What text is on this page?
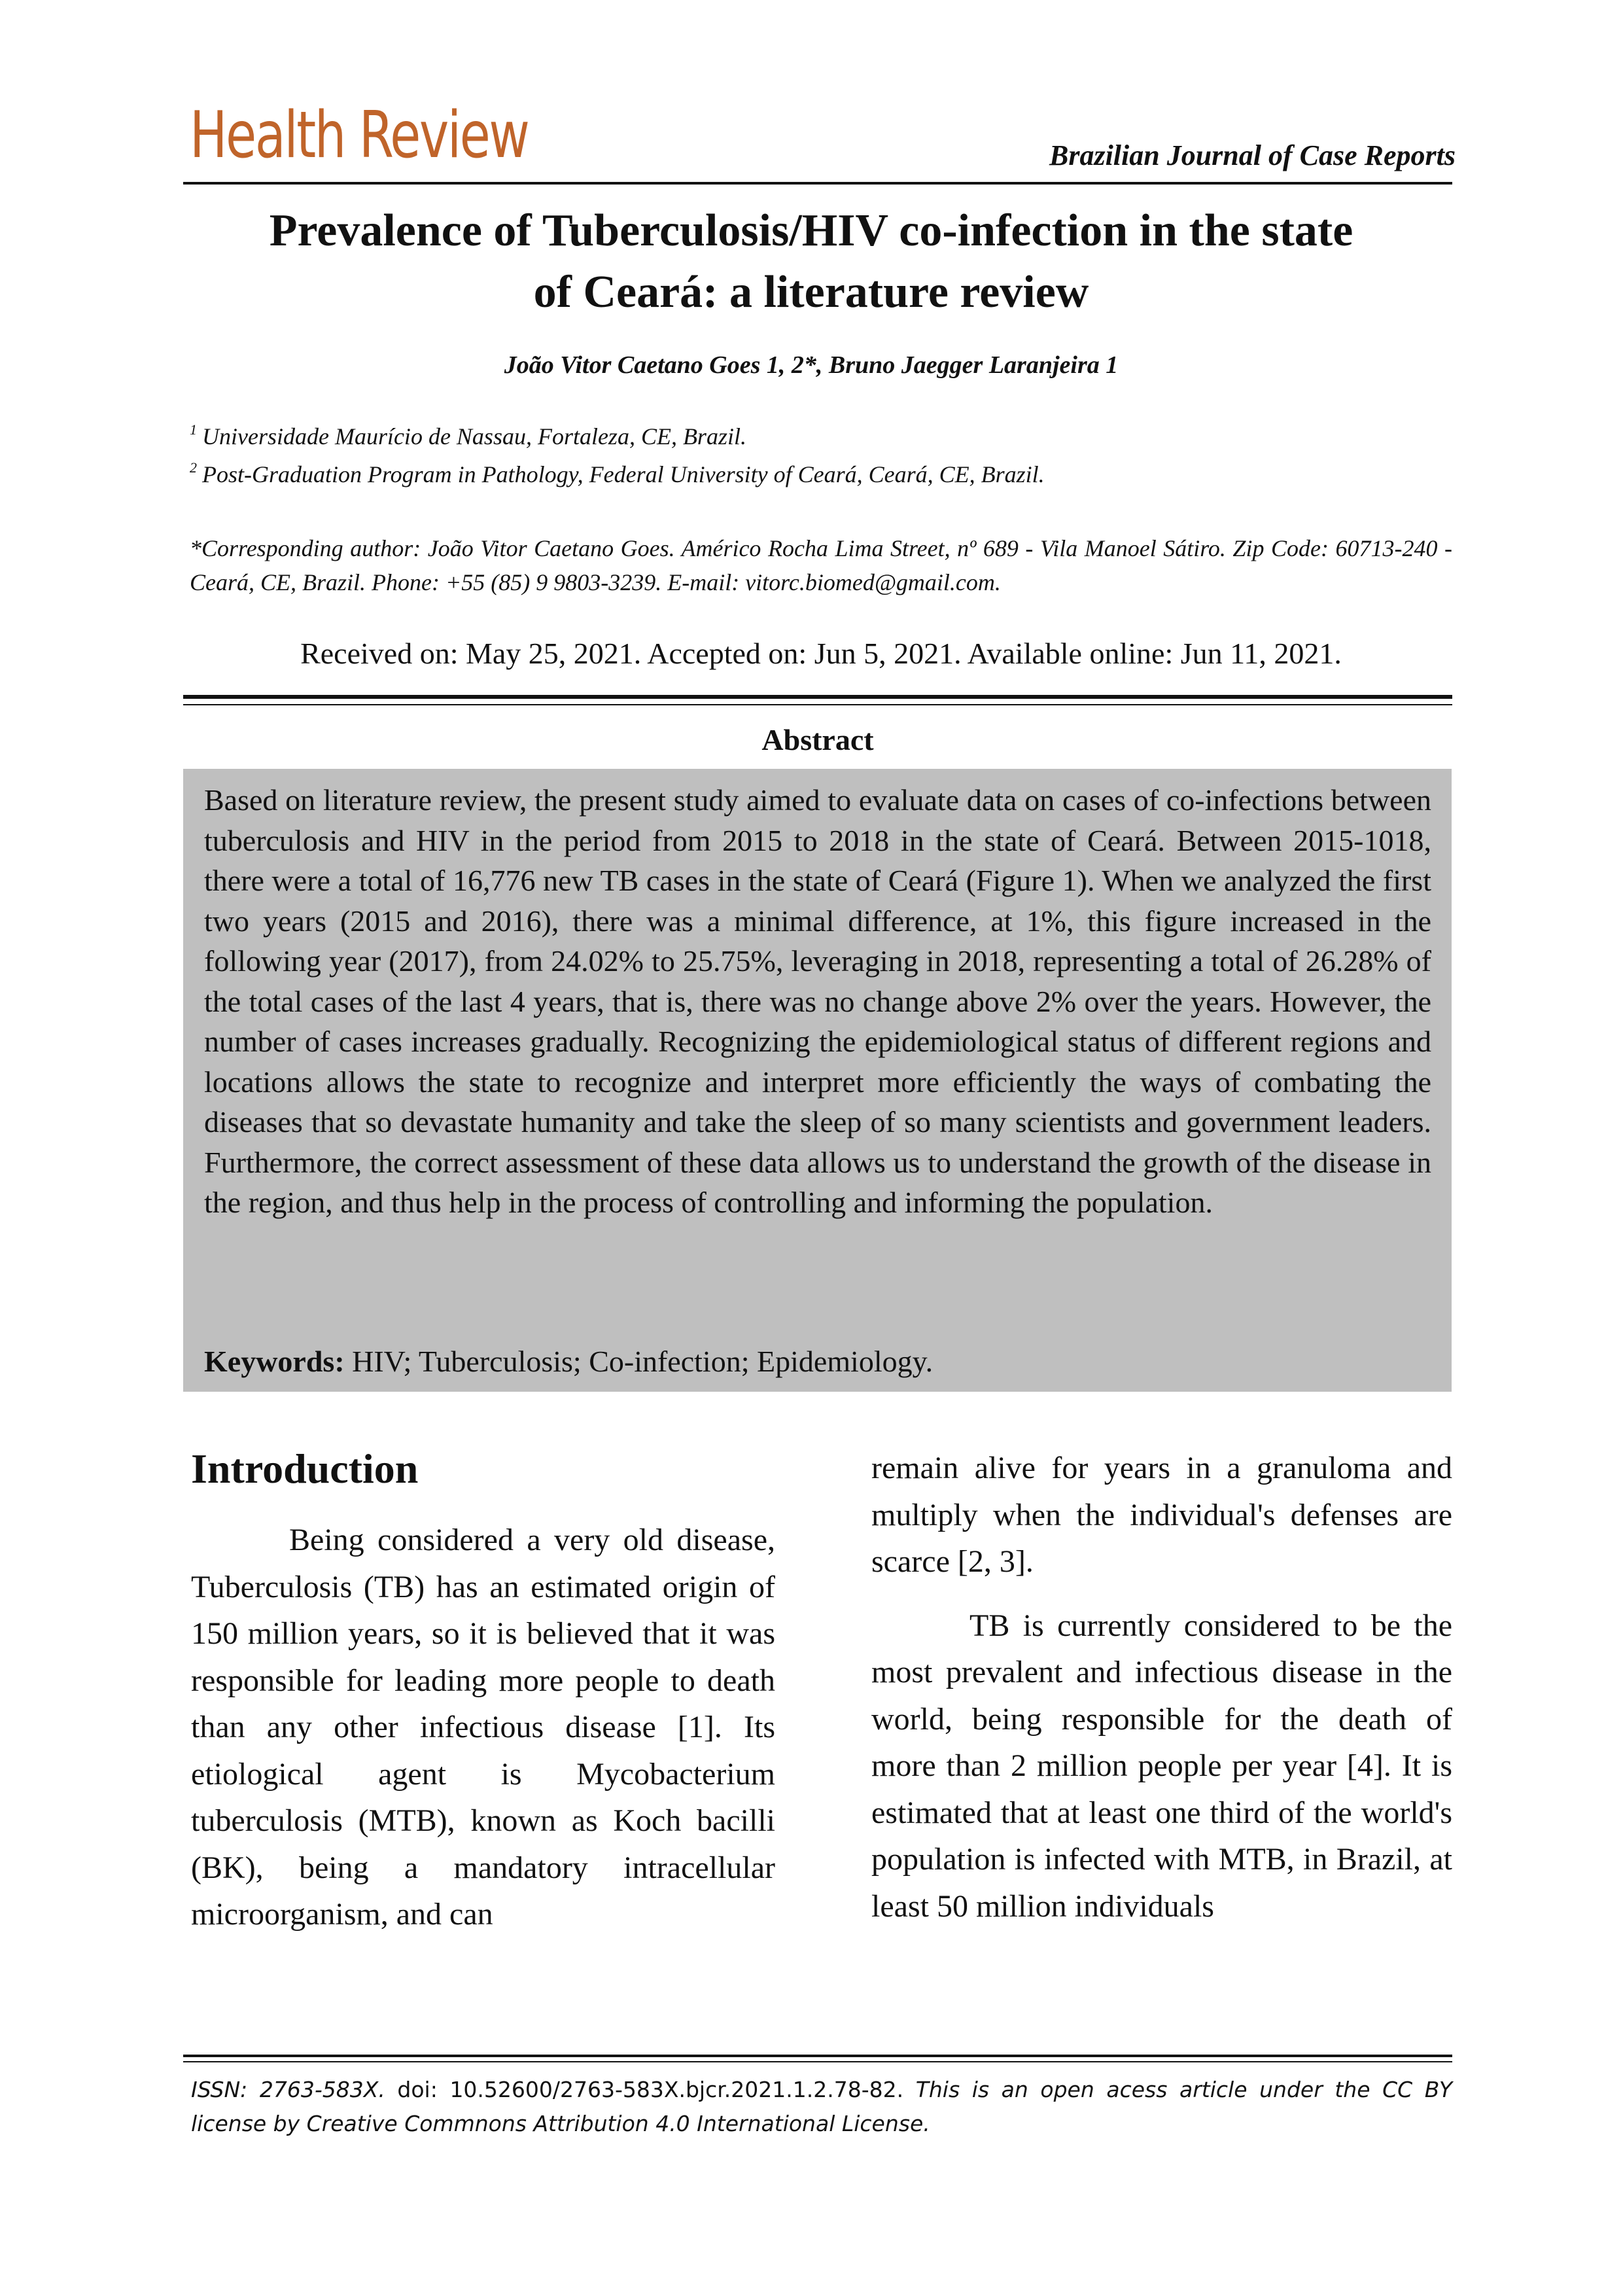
Health Review	Brazilian Journal of Case Reports
Prevalence of Tuberculosis/HIV co-infection in the state
of Ceará: a literature review
João Vitor Caetano Goes 1, 2*, Bruno Jaegger Laranjeira 1
$^1$ Universidade Maurício de Nassau, Fortaleza, CE, Brazil.
$^2$ Post-Graduation Program in Pathology, Federal University of Ceará, Ceará, CE, Brazil.
*Corresponding author: João Vitor Caetano Goes. Américo Rocha Lima Street, nº 689 - Vila Manoel Sátiro. Zip Code: 60713-240 - Ceará, CE, Brazil. Phone: +55 (85) 9 9803-3239. E-mail: vitorc.biomed@gmail.com.
Received on: May 25, 2021. Accepted on: Jun 5, 2021. Available online: Jun 11, 2021.
Abstract
Based on literature review, the present study aimed to evaluate data on cases of co-infections between tuberculosis and HIV in the period from 2015 to 2018 in the state of Ceará. Between 2015-1018, there were a total of 16,776 new TB cases in the state of Ceará (Figure 1). When we analyzed the first two years (2015 and 2016), there was a minimal difference, at 1%, this figure increased in the following year (2017), from 24.02% to 25.75%, leveraging in 2018, representing a total of 26.28% of the total cases of the last 4 years, that is, there was no change above 2% over the years. However, the number of cases increases gradually. Recognizing the epidemiological status of different regions and locations allows the state to recognize and interpret more efficiently the ways of combating the diseases that so devastate humanity and take the sleep of so many scientists and government leaders. Furthermore, the correct assessment of these data allows us to understand the growth of the disease in the region, and thus help in the process of controlling and informing the population.
Keywords: HIV; Tuberculosis; Co-infection; Epidemiology.
Introduction

Being considered a very old disease, Tuberculosis (TB) has an estimated origin of 150 million years, so it is believed that it was responsible for leading more people to death than any other infectious disease [1]. Its etiological agent is Mycobacterium tuberculosis (MTB), known as Koch bacilli (BK), being a mandatory intracellular microorganism, and can

remain alive for years in a granuloma and multiply when the individual's defenses are scarce [2, 3].

TB is currently considered to be the most prevalent and infectious disease in the world, being responsible for the death of more than 2 million people per year [4]. It is estimated that at least one third of the world's population is infected with MTB, in Brazil, at least 50 million individuals

ISSN: 2763-583X. doi: 10.52600/2763-583X.bjcr.2021.1.2.78-82. This is an open acess article under the CC BY license by Creative Commnons Attribution 4.0 International License.
